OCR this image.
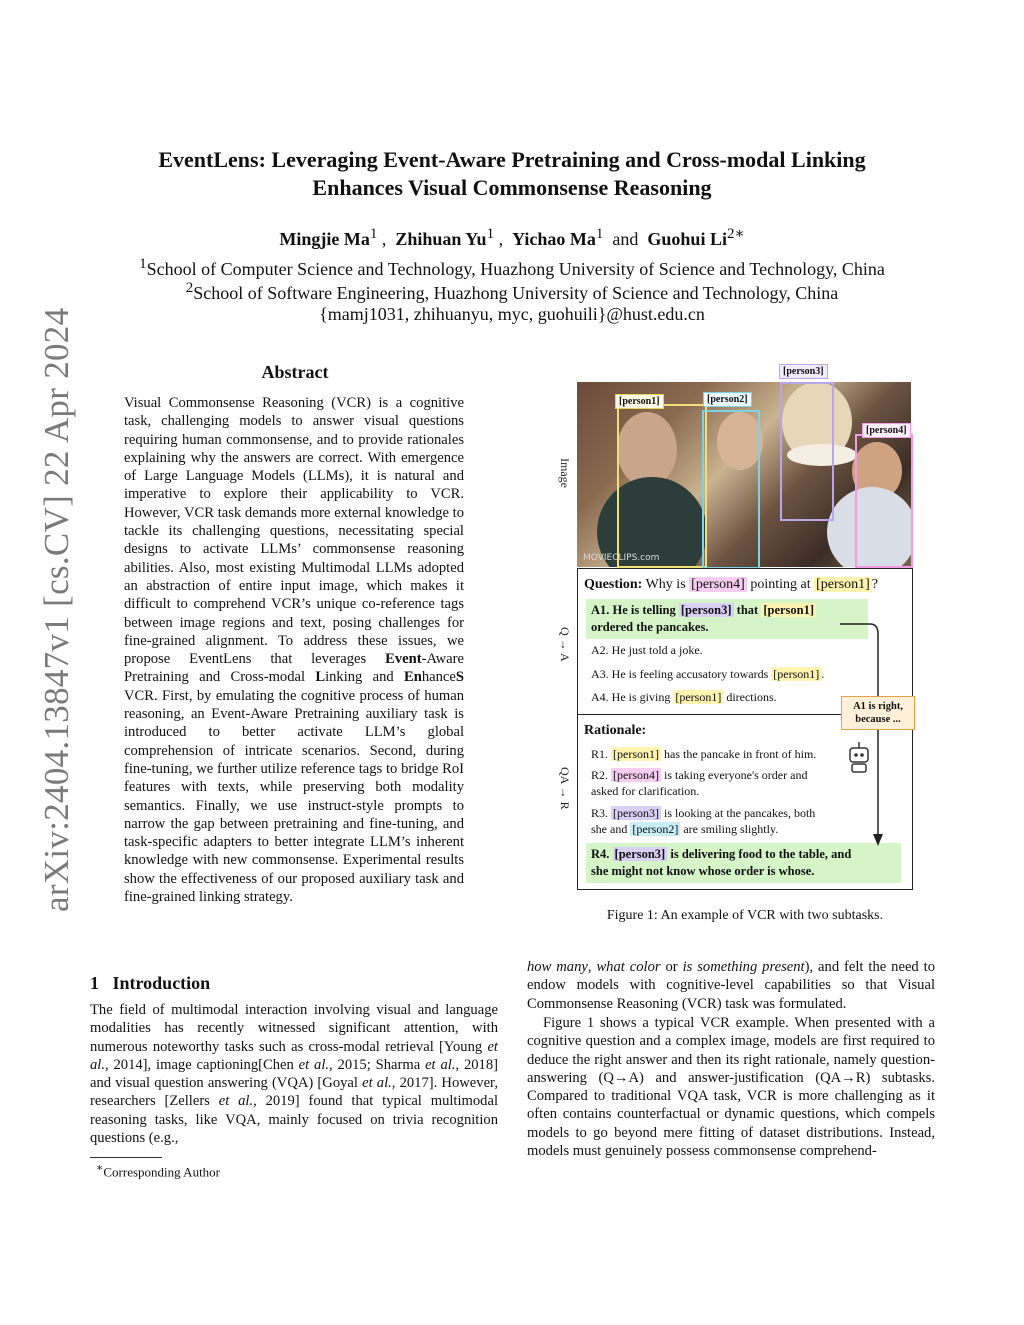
arXiv:2404.13847v1 [cs.CV] 22 Apr 2024
EventLens: Leveraging Event-Aware Pretraining and Cross-modal Linking
Enhances Visual Commonsense Reasoning
Mingjie Ma$^1$ ,  Zhihuan Yu$^1$ ,  Yichao Ma$^1$ and Guohui $Li^{2∗}$
$^1$School of Computer Science and Technology, Huazhong University of Science and Technology, China
$^2$School of Software Engineering, Huazhong University of Science and Technology, China
{mamj1031, zhihuanyu, myc, guohuili}@hust.edu.cn
Abstract
Visual Commonsense Reasoning (VCR) is a cognitive task, challenging models to answer visual questions requiring human commonsense, and to provide rationales explaining why the answers are correct. With emergence of Large Language Models (LLMs), it is natural and imperative to explore their applicability to VCR. However, VCR task demands more external knowledge to tackle its challenging questions, necessitating special designs to activate LLMs’ commonsense reasoning abilities. Also, most existing Multimodal LLMs adopted an abstraction of entire input image, which makes it difficult to comprehend VCR’s unique co-reference tags between image regions and text, posing challenges for fine-grained alignment. To address these issues, we propose EventLens that leverages Event-Aware Pretraining and Cross-modal Linking and EnhanceS VCR. First, by emulating the cognitive process of human reasoning, an Event-Aware Pretraining auxiliary task is introduced to better activate LLM’s global comprehension of intricate scenarios. Second, during fine-tuning, we further utilize reference tags to bridge RoI features with texts, while preserving both modality semantics. Finally, we use instruct-style prompts to narrow the gap between pretraining and fine-tuning, and task-specific adapters to better integrate LLM’s inherent knowledge with new commonsense. Experimental results show the effectiveness of our proposed auxiliary task and fine-grained linking strategy.
1 Introduction
The field of multimodal interaction involving visual and language modalities has recently witnessed significant attention, with numerous noteworthy tasks such as cross-modal retrieval [Young et al., 2014], image captioning[Chen et al., 2015; Sharma et al., 2018] and visual question answering (VQA) [Goyal et al., 2017]. However, researchers [Zellers et al., 2019] found that typical multimodal reasoning tasks, like VQA, mainly focused on trivia recognition questions (e.g.,
how many, what color or is something present), and felt the need to endow models with cognitive-level capabilities so that Visual Commonsense Reasoning (VCR) task was formulated.
Figure 1 shows a typical VCR example. When presented with a cognitive question and a complex image, models are first required to deduce the right answer and then its right rationale, namely question-answering (Q→A) and answer-justification (QA→R) subtasks. Compared to traditional VQA task, VCR is more challenging as it often contains counterfactual or dynamic questions, which compels models to go beyond mere fitting of dataset distributions. Instead, models must genuinely possess commonsense comprehend-
∗Corresponding Author
Image
Q → A
QA → R
MOVIECLIPS.com
[person1]	[person2]
[person3]
[person4]
Question: Why is [person4] pointing at [person1] ?
A1. He is telling [person3] that [person1]
ordered the pancakes.
A2. He just told a joke.
A3. He is feeling accusatory towards [person1] .
A4. He is giving [person1] directions.
Rationale:
R1. [person1] has the pancake in front of him.
R2. [person4] is taking everyone's order and
asked for clarification.
R3. [person3] is looking at the pancakes, both
she and [person2] are smiling slightly.
R4. [person3] is delivering food to the table, and
she might not know whose order is whose.
A1 is right, because ...
Figure 1: An example of VCR with two subtasks.
